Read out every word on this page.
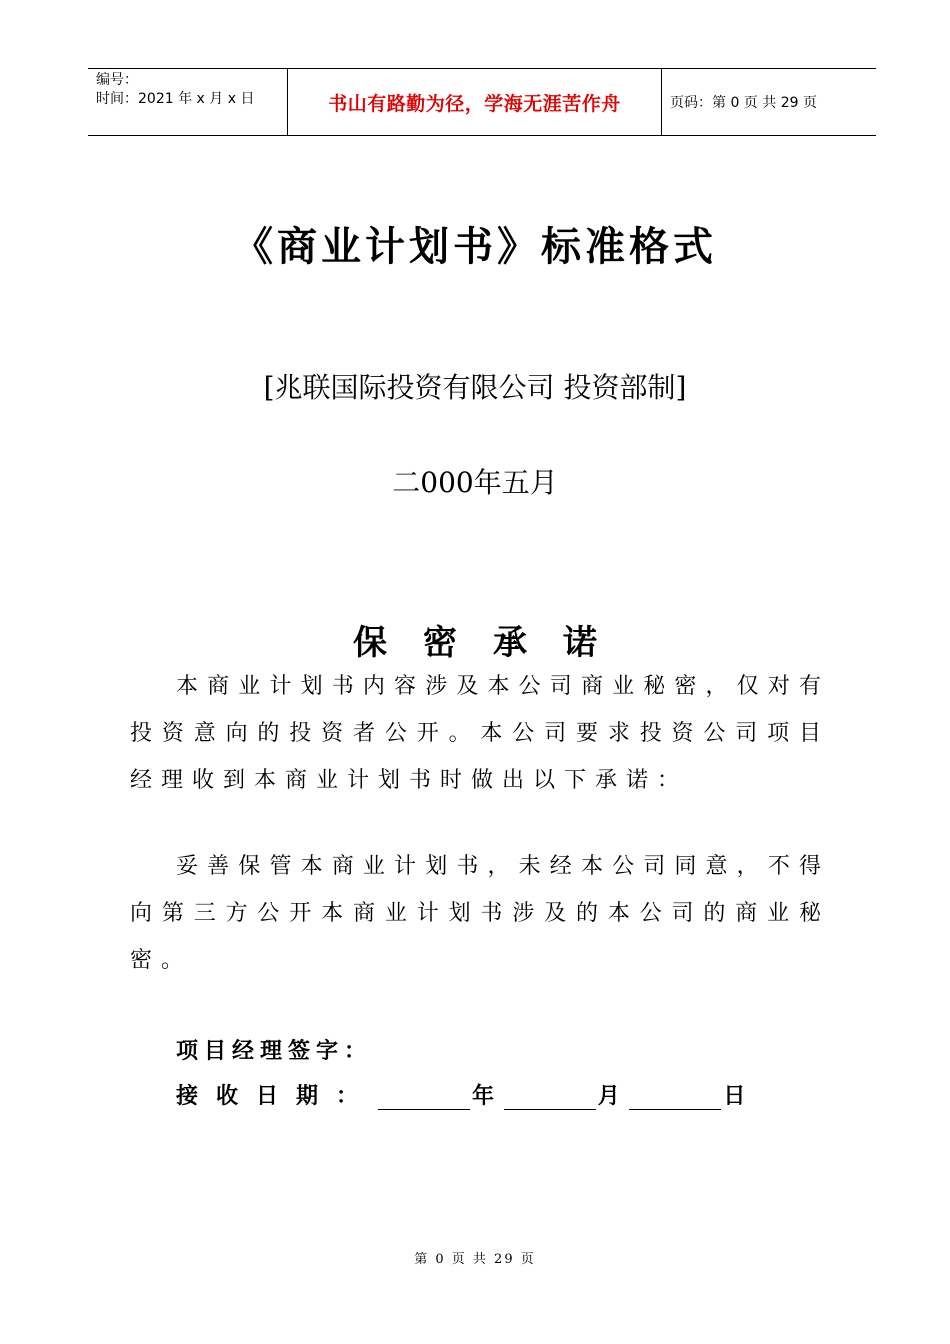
编号：
时间：2021 年 x 月 x 日	书山有路勤为径，学海无涯苦作舟	页码：第 0 页 共 29 页
《商业计划书》标准格式
[兆联国际投资有限公司 投资部制]
二000年五月
保密承诺
本商业计划书内容涉及本公司商业秘密，仅对有投资意向的投资者公开。本公司要求投资公司项目经理收到本商业计划书时做出以下承诺：
妥善保管本商业计划书，未经本公司同意，不得向第三方公开本商业计划书涉及的本公司的商业秘密。
项目经理签字：
接收日期：	年	月	日
第 0 页 共 29 页
